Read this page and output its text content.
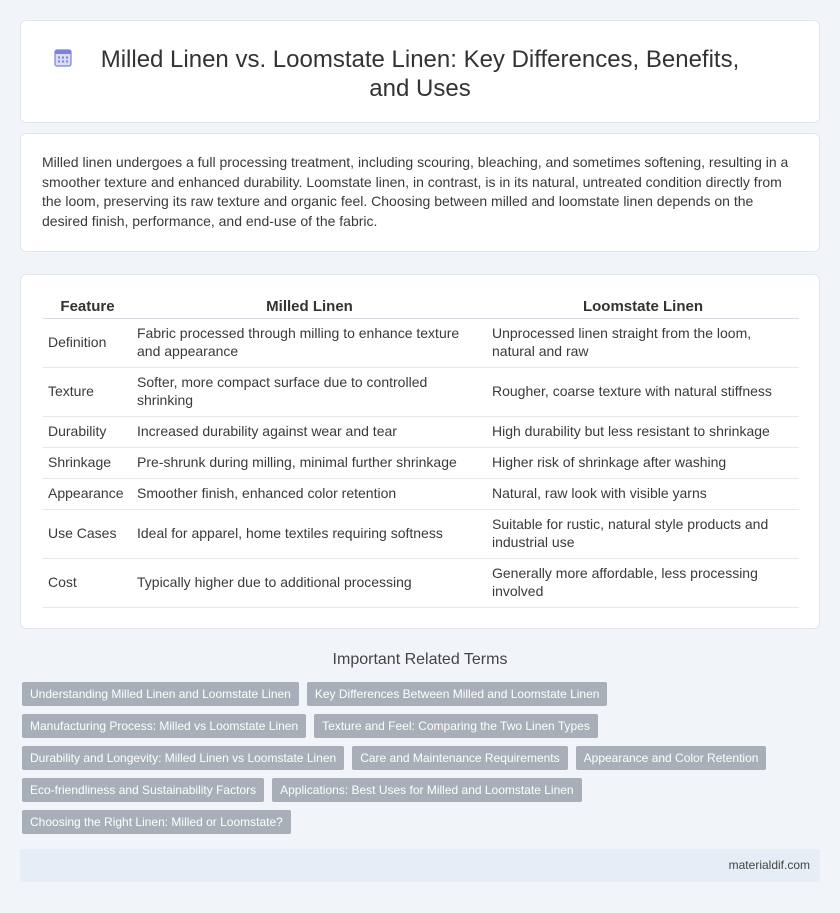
Milled Linen vs. Loomstate Linen: Key Differences, Benefits, and Uses

Milled linen undergoes a full processing treatment, including scouring, bleaching, and sometimes softening, resulting in a smoother texture and enhanced durability. Loomstate linen, in contrast, is in its natural, untreated condition directly from the loom, preserving its raw texture and organic feel. Choosing between milled and loomstate linen depends on the desired finish, performance, and end-use of the fabric.

Feature	Milled Linen	Loomstate Linen
Definition	Fabric processed through milling to enhance texture and appearance	Unprocessed linen straight from the loom, natural and raw
Texture	Softer, more compact surface due to controlled shrinking	Rougher, coarse texture with natural stiffness
Durability	Increased durability against wear and tear	High durability but less resistant to shrinkage
Shrinkage	Pre-shrunk during milling, minimal further shrinkage	Higher risk of shrinkage after washing
Appearance	Smoother finish, enhanced color retention	Natural, raw look with visible yarns
Use Cases	Ideal for apparel, home textiles requiring softness	Suitable for rustic, natural style products and industrial use
Cost	Typically higher due to additional processing	Generally more affordable, less processing involved
Important Related Terms
Understanding Milled Linen and Loomstate Linen	Key Differences Between Milled and Loomstate Linen
Manufacturing Process: Milled vs Loomstate Linen	Texture and Feel: Comparing the Two Linen Types
Durability and Longevity: Milled Linen vs Loomstate Linen	Care and Maintenance Requirements	Appearance and Color Retention
Eco-friendliness and Sustainability Factors	Applications: Best Uses for Milled and Loomstate Linen
Choosing the Right Linen: Milled or Loomstate?
materialdif.com
